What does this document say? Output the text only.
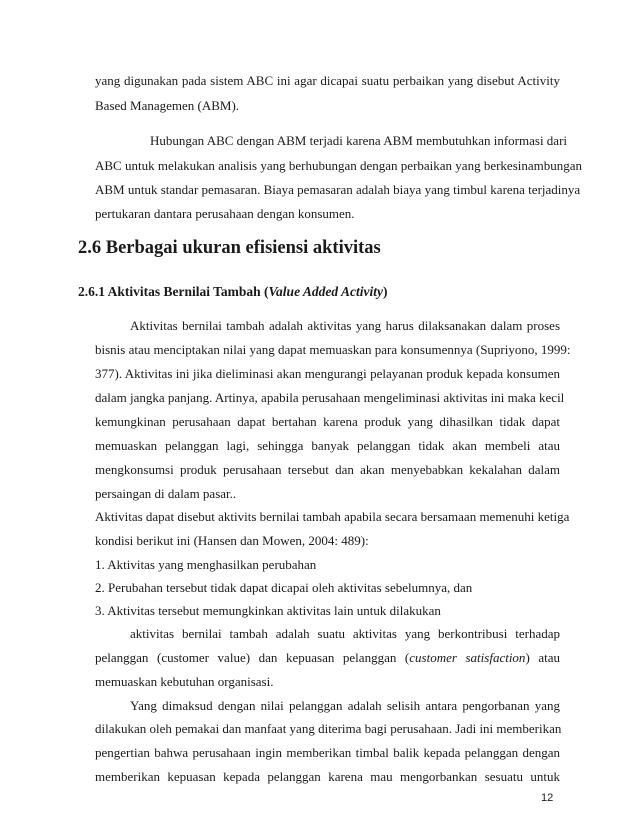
yang digunakan pada sistem ABC ini agar dicapai suatu perbaikan yang disebut Activity
Based Managemen (ABM).
Hubungan ABC dengan ABM terjadi karena ABM membutuhkan informasi dari
ABC untuk melakukan analisis yang berhubungan dengan perbaikan yang berkesinambungan
ABM untuk standar pemasaran. Biaya pemasaran adalah biaya yang timbul karena terjadinya
pertukaran dantara perusahaan dengan konsumen.
2.6 Berbagai ukuran efisiensi aktivitas
2.6.1 Aktivitas Bernilai Tambah (Value Added Activity)
Aktivitas bernilai tambah adalah aktivitas yang harus dilaksanakan dalam proses
bisnis atau menciptakan nilai yang dapat memuaskan para konsumennya (Supriyono, 1999:
377). Aktivitas ini jika dieliminasi akan mengurangi pelayanan produk kepada konsumen
dalam jangka panjang. Artinya, apabila perusahaan mengeliminasi aktivitas ini maka kecil
kemungkinan perusahaan dapat bertahan karena produk yang dihasilkan tidak dapat
memuaskan pelanggan lagi, sehingga banyak pelanggan tidak akan membeli atau
mengkonsumsi produk perusahaan tersebut dan akan menyebabkan kekalahan dalam
persaingan di dalam pasar..
Aktivitas dapat disebut aktivits bernilai tambah apabila secara bersamaan memenuhi ketiga
kondisi berikut ini (Hansen dan Mowen, 2004: 489):
1. Aktivitas yang menghasilkan perubahan
2. Perubahan tersebut tidak dapat dicapai oleh aktivitas sebelumnya, dan
3. Aktivitas tersebut memungkinkan aktivitas lain untuk dilakukan
aktivitas bernilai tambah adalah suatu aktivitas yang berkontribusi terhadap
pelanggan (customer value) dan kepuasan pelanggan (customer satisfaction) atau
memuaskan kebutuhan organisasi.
Yang dimaksud dengan nilai pelanggan adalah selisih antara pengorbanan yang
dilakukan oleh pemakai dan manfaat yang diterima bagi perusahaan. Jadi ini memberikan
pengertian bahwa perusahaan ingin memberikan timbal balik kepada pelanggan dengan
memberikan kepuasan kepada pelanggan karena mau mengorbankan sesuatu untuk
12
